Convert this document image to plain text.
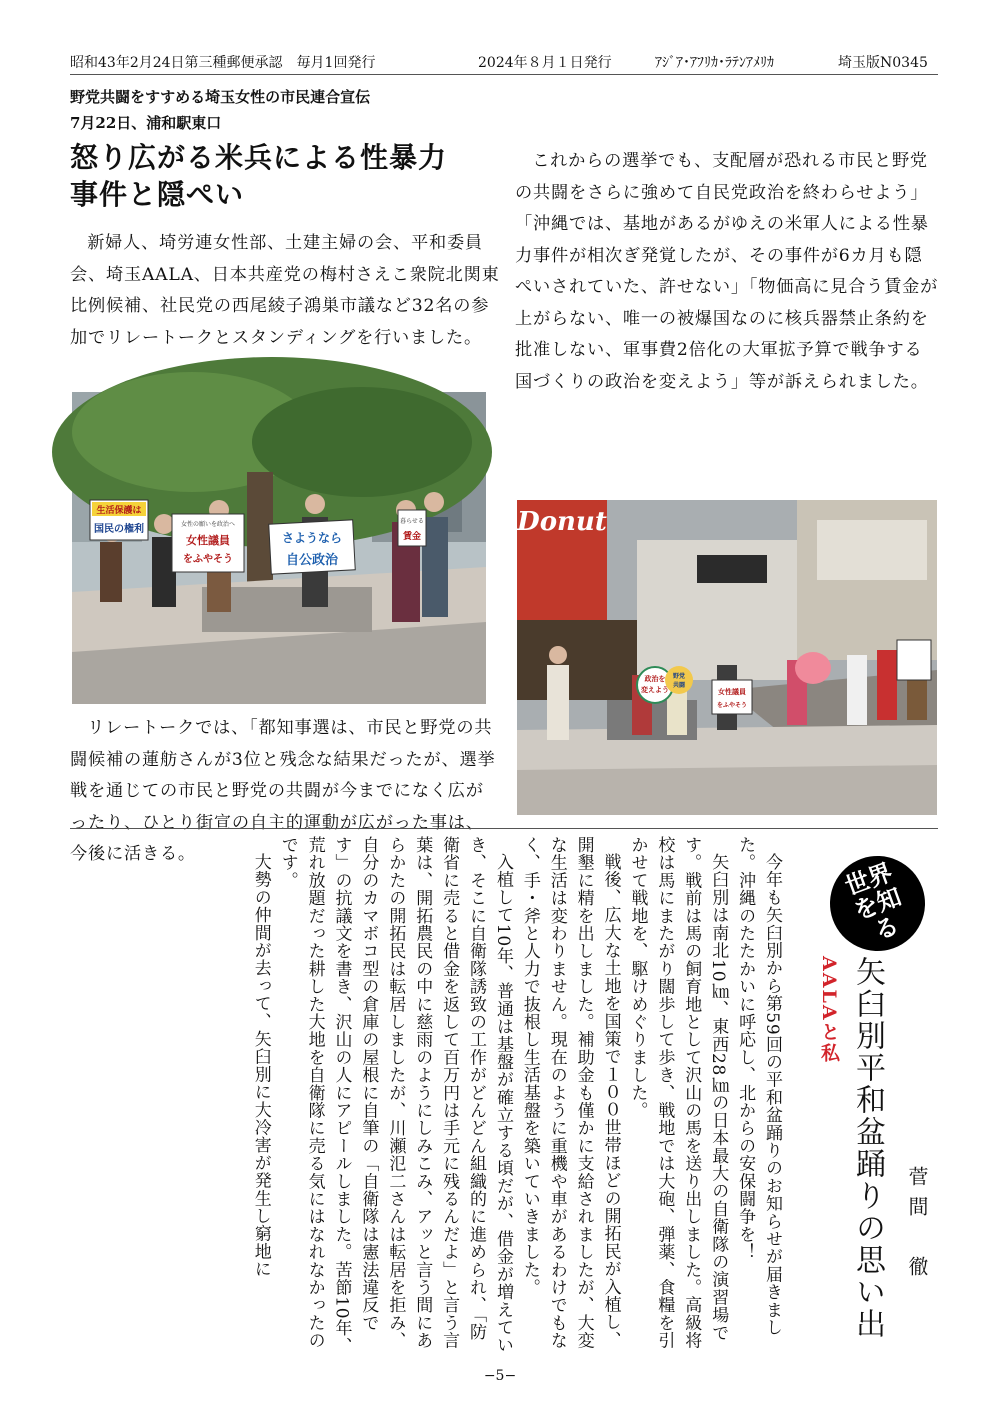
昭和43年2月24日第三種郵便承認　毎月1回発行	2024年８月１日発行	ｱｼﾞｱ･ｱﾌﾘｶ･ﾗﾃﾝｱﾒﾘｶ	埼玉版N0345
野党共闘をすすめる埼玉女性の市民連合宣伝
7月22日、浦和駅東口
怒り広がる米兵による性暴力
事件と隠ぺい

新婦人、埼労連女性部、土建主婦の会、平和委員会、埼玉AALA、日本共産党の梅村さえこ衆院北関東比例候補、社民党の西尾綾子鴻巣市議など32名の参加でリレートークとスタンディングを行いました。

生活保護は
国民の権利	女性の願いを政治へ
女性議員
をふやそう
さようなら
自公政治
暮らせる
賃金

リレートークでは、「都知事選は、市民と野党の共闘候補の蓮舫さんが3位と残念な結果だったが、選挙戦を通じての市民と野党の共闘が今までになく広がったり、ひとり街宣の自主的運動が広がった事は、今後に活きる。

これからの選挙でも、支配層が恐れる市民と野党の共闘をさらに強めて自民党政治を終わらせよう」「沖縄では、基地があるがゆえの米軍人による性暴力事件が相次ぎ発覚したが、その事件が6カ月も隠ぺいされていた、許せない」「物価高に見合う賃金が上がらない、唯一の被爆国なのに核兵器禁止条約を批准しない、軍事費2倍化の大軍拡予算で戦争する国づくりの政治を変えよう」等が訴えられました。

Donut
政治を
変えよう
野党
共闘
女性議員
をふやそう
世界を知る
AALAと私 矢臼別平和盆踊りの思い出 菅間　徹

今年も矢臼別から第59回の平和盆踊りのお知らせが届きました。沖縄のたたかいに呼応し、北からの安保闘争を！

矢臼別は南北10㎞、東西28㎞の日本最大の自衛隊の演習場です。戦前は馬の飼育地として沢山の馬を送り出しました。高級将校は馬にまたがり闊歩して歩き、戦地では大砲、弾薬、食糧を引かせて戦地を、駆けめぐりました。

戦後、広大な土地を国策で１００世帯ほどの開拓民が入植し、開墾に精を出しました。補助金も僅かに支給されましたが、大変な生活は変わりません。現在のように重機や車があるわけでもなく、手・斧と人力で抜根し生活基盤を築いていきました。

入植して10年、普通は基盤が確立する頃だが、借金が増えていき、そこに自衛隊誘致の工作がどんどん組織的に進められ、「防衛省に売ると借金を返して百万円は手元に残るんだよ」と言う言葉は、開拓農民の中に慈雨のようにしみこみ、アッと言う間にあらかたの開拓民は転居しましたが、川瀬氾二さんは転居を拒み、自分のカマボコ型の倉庫の屋根に自筆の「自衛隊は憲法違反です」の抗議文を書き、沢山の人にアピールしました。苦節10年、荒れ放題だった耕した大地を自衛隊に売る気にはなれなかったのです。

大勢の仲間が去って、矢臼別に大冷害が発生し窮地に

−5−
